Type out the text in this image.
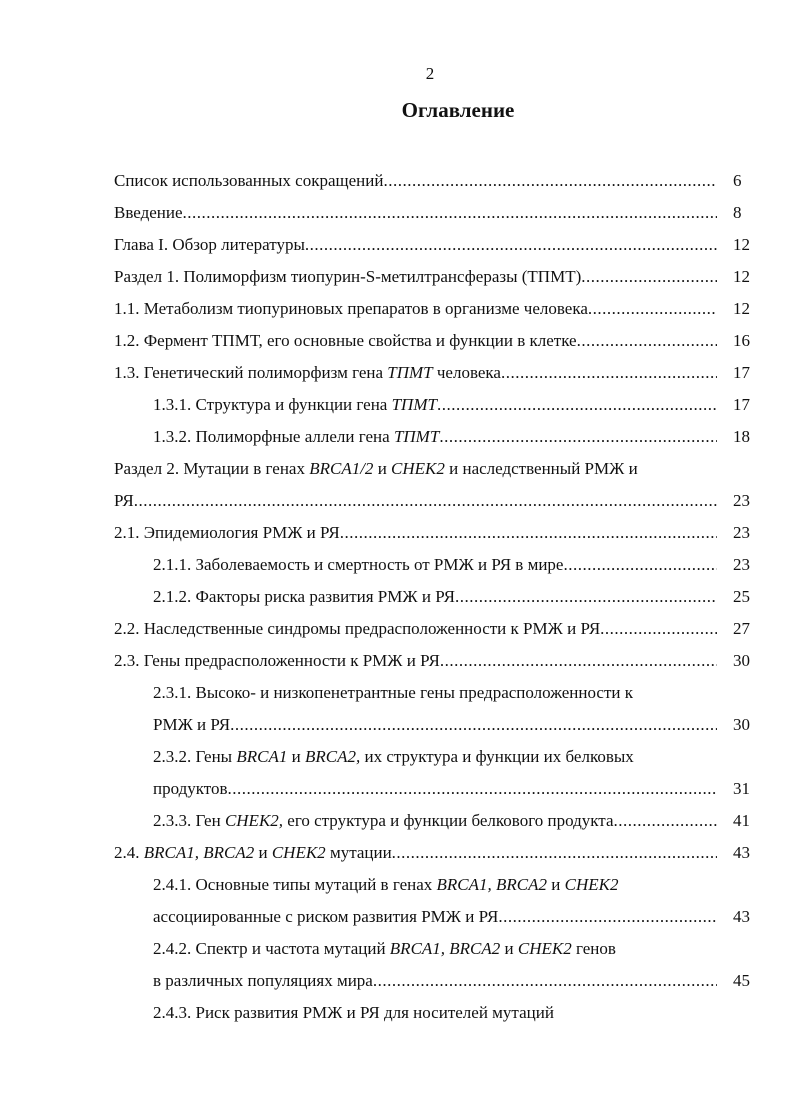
2
Оглавление
Список использованных сокращений .....	6
Введение .....	8
Глава I. Обзор литературы .....	12
Раздел 1. Полиморфизм тиопурин-S-метилтрансферазы (ТПМТ) .....	12
1.1. Метаболизм тиопуриновых препаратов в организме человека .....	12
1.2. Фермент ТПМТ, его основные свойства и функции в клетке .....	16
1.3. Генетический полиморфизм гена ТПМТ человека .....	17
1.3.1. Структура и функции гена ТПМТ .....	17
1.3.2. Полиморфные аллели гена ТПМТ .....	18
Раздел 2. Мутации в генах BRCA1/2 и CHEK2 и наследственный РМЖ и
РЯ .....	23
2.1. Эпидемиология РМЖ и РЯ .....	23
2.1.1. Заболеваемость и смертность от РМЖ и РЯ в мире .....	23
2.1.2. Факторы риска развития РМЖ и РЯ .....	25
2.2. Наследственные синдромы предрасположенности к РМЖ и РЯ .....	27
2.3. Гены предрасположенности к РМЖ и РЯ .....	30
2.3.1. Высоко- и низкопенетрантные гены предрасположенности к
РМЖ и РЯ .....	30
2.3.2. Гены BRCA1 и BRCA2, их структура и функции их белковых
продуктов .....	31
2.3.3. Ген CHEK2, его структура и функции белкового продукта .....	41
2.4. BRCA1, BRCA2 и CHEK2 мутации .....	43
2.4.1. Основные типы мутаций в генах BRCA1, BRCA2 и CHEK2
ассоциированные с риском развития РМЖ и РЯ .....	43
2.4.2. Спектр и частота мутаций BRCA1, BRCA2 и CHEK2 генов
в различных популяциях мира .....	45
2.4.3. Риск развития РМЖ и РЯ для носителей мутаций
